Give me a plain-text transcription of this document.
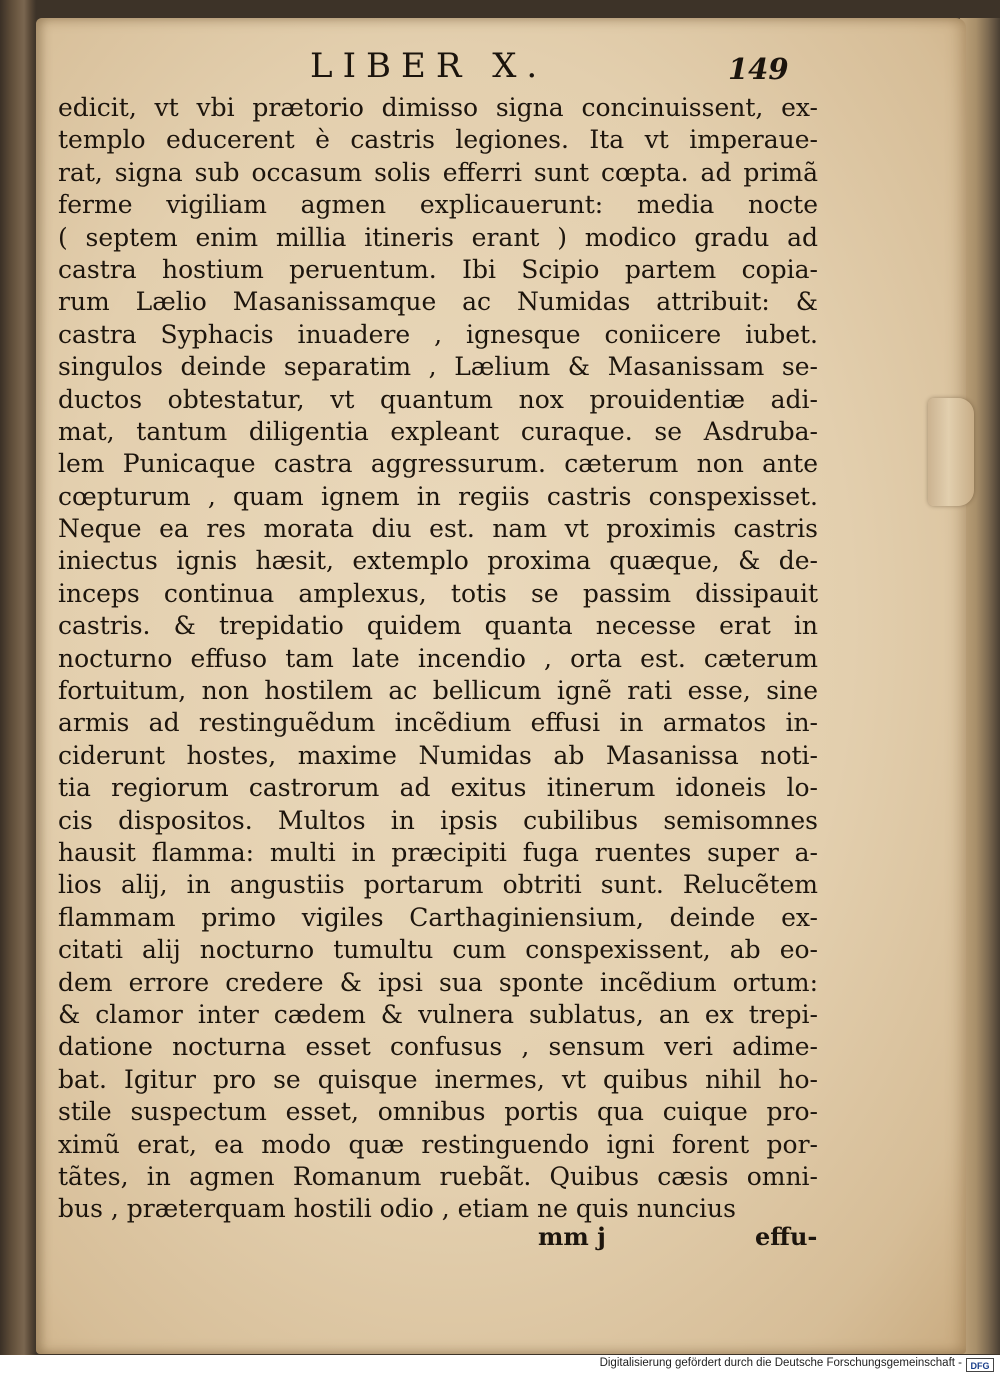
LIBER X.	149
edicit, vt vbi prætorio dimisso signa concinuissent, ex-
templo educerent è castris legiones. Ita vt imperaue-
rat, signa sub occasum solis efferri sunt cœpta. ad primã
ferme vigiliam agmen explicauerunt: media nocte
( septem enim millia itineris erant ) modico gradu ad
castra hostium peruentum. Ibi Scipio partem copia-
rum Lælio Masanissamque ac Numidas attribuit: &
castra Syphacis inuadere , ignesque coniicere iubet.
singulos deinde separatim , Lælium & Masanissam se-
ductos obtestatur, vt quantum nox prouidentiæ adi-
mat, tantum diligentia expleant curaque. se Asdruba-
lem Punicaque castra aggressurum. cæterum non ante
cœpturum , quam ignem in regiis castris conspexisset.
Neque ea res morata diu est. nam vt proximis castris
iniectus ignis hæsit, extemplo proxima quæque, & de-
inceps continua amplexus, totis se passim dissipauit
castris. & trepidatio quidem quanta necesse erat in
nocturno effuso tam late incendio , orta est. cæterum
fortuitum, non hostilem ac bellicum ignẽ rati esse, sine
armis ad restinguẽdum incẽdium effusi in armatos in-
ciderunt hostes, maxime Numidas ab Masanissa noti-
tia regiorum castrorum ad exitus itinerum idoneis lo-
cis dispositos. Multos in ipsis cubilibus semisomnes
hausit flamma: multi in præcipiti fuga ruentes super a-
lios alij, in angustiis portarum obtriti sunt. Relucẽtem
flammam primo vigiles Carthaginiensium, deinde ex-
citati alij nocturno tumultu cum conspexissent, ab eo-
dem errore credere & ipsi sua sponte incẽdium ortum:
& clamor inter cædem & vulnera sublatus, an ex trepi-
datione nocturna esset confusus , sensum veri adime-
bat. Igitur pro se quisque inermes, vt quibus nihil ho-
stile suspectum esset, omnibus portis qua cuique pro-
ximũ erat, ea modo quæ restinguendo igni forent por-
tãtes, in agmen Romanum ruebãt. Quibus cæsis omni-
bus , præterquam hostili odio , etiam ne quis nuncius
mm j	effu-
Digitalisierung gefördert durch die Deutsche Forschungsgemeinschaft - DFG
